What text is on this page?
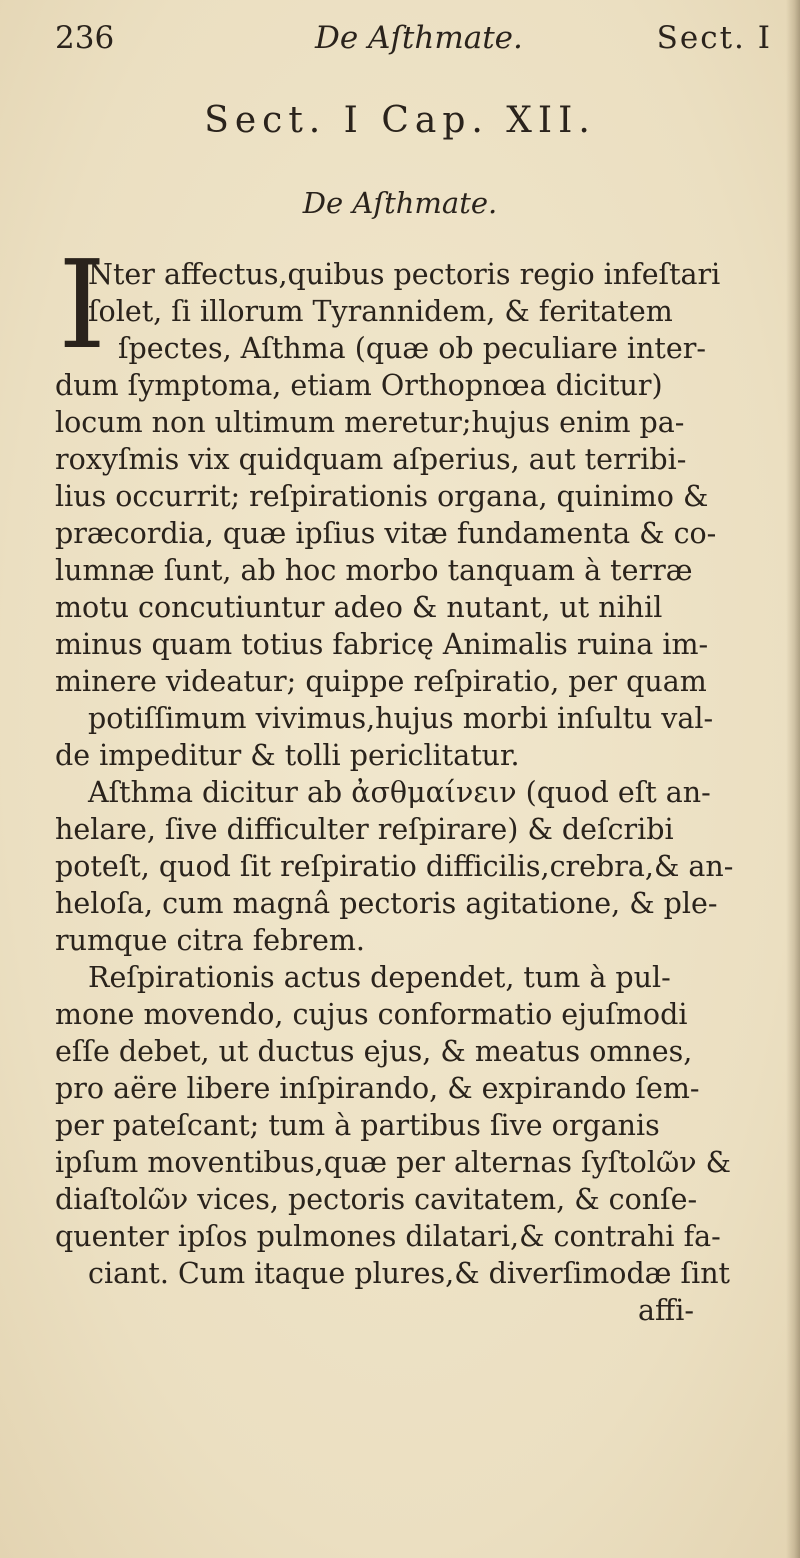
236	De Aſthmate.	Sect. I
Sect. I Cap. XII.
De Aſthmate.
I
Nter affectus,quibus pectoris regio infeſtari
ſolet, ſi illorum Tyrannidem, & feritatem
ſpectes, Aſthma (quæ ob peculiare inter-
dum ſymptoma, etiam Orthopnœa dicitur)
locum non ultimum meretur;hujus enim pa-
roxyſmis vix quidquam aſperius, aut terribi-
lius occurrit; reſpirationis organa, quinimo &
præcordia, quæ ipſius vitæ fundamenta & co-
lumnæ ſunt, ab hoc morbo tanquam à terræ
motu concutiuntur adeo & nutant, ut nihil
minus quam totius fabricę Animalis ruina im-
minere videatur; quippe reſpiratio, per quam
potiſſimum vivimus,hujus morbi inſultu val-
de impeditur & tolli periclitatur.
Aſthma dicitur ab ἀσθμαίνειν (quod eſt an-
helare, ſive difficulter reſpirare) & deſcribi
poteſt, quod ſit reſpiratio difficilis,crebra,& an-
heloſa, cum magnâ pectoris agitatione, & ple-
rumque citra febrem.
Reſpirationis actus dependet, tum à pul-
mone movendo, cujus conformatio ejuſmodi
eſſe debet, ut ductus ejus, & meatus omnes,
pro aëre libere inſpirando, & expirando ſem-
per pateſcant; tum à partibus ſive organis
ipſum moventibus,quæ per alternas ſyſtolῶν &
diaſtolῶν vices, pectoris cavitatem, & conſe-
quenter ipſos pulmones dilatari,& contrahi fa-
ciant. Cum itaque plures,& diverſimodæ ſint
affi-
